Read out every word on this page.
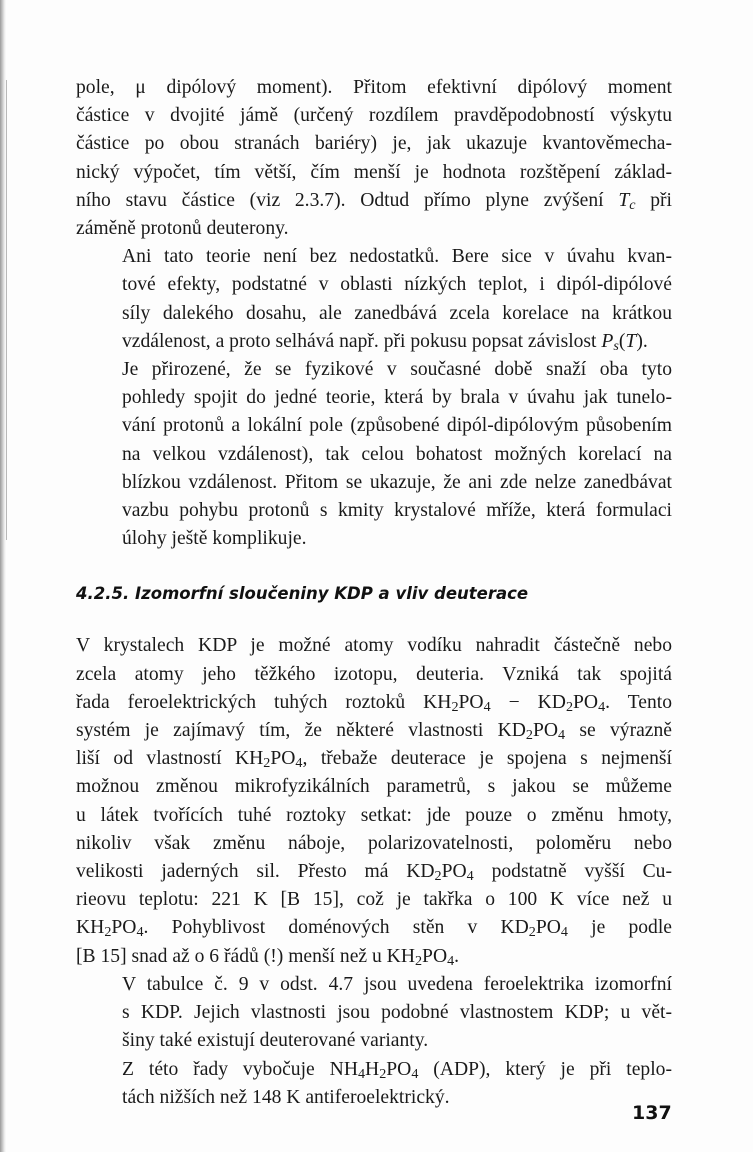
pole, μ dipólový moment). Přitom efektivní dipólový moment
částice v dvojité jámě (určený rozdílem pravděpodobností výskytu
částice po obou stranách bariéry) je, jak ukazuje kvantověmecha-
nický výpočet, tím větší, čím menší je hodnota rozštěpení základ-
ního stavu částice (viz 2.3.7). Odtud přímo plyne zvýšení $T_c$ při
záměně protonů deuterony.

Ani tato teorie není bez nedostatků. Bere sice v úvahu kvan-
tové efekty, podstatné v oblasti nízkých teplot, i dipól-dipólové
síly dalekého dosahu, ale zanedbává zcela korelace na krátkou
vzdálenost, a proto selhává např. při pokusu popsat závislost $P_s(T)$.

Je přirozené, že se fyzikové v současné době snaží oba tyto
pohledy spojit do jedné teorie, která by brala v úvahu jak tunelo-
vání protonů a lokální pole (způsobené dipól-dipólovým působením
na velkou vzdálenost), tak celou bohatost možných korelací na
blízkou vzdálenost. Přitom se ukazuje, že ani zde nelze zanedbávat
vazbu pohybu protonů s kmity krystalové mříže, která formulaci
úlohy ještě komplikuje.

4.2.5. Izomorfní sloučeniny KDP a vliv deuterace

V krystalech KDP je možné atomy vodíku nahradit částečně nebo
zcela atomy jeho těžkého izotopu, deuteria. Vzniká tak spojitá
řada feroelektrických tuhých roztoků $KH_2PO_4 - KD_2PO_4$. Tento
systém je zajímavý tím, že některé vlastnosti $KD_2PO_4$ se výrazně
liší od vlastností $KH_2PO_4$, třebaže deuterace je spojena s nejmenší
možnou změnou mikrofyzikálních parametrů, s jakou se můžeme
u látek tvořících tuhé roztoky setkat: jde pouze o změnu hmoty,
nikoliv však změnu náboje, polarizovatelnosti, poloměru nebo
velikosti jaderných sil. Přesto má $KD_2PO_4$ podstatně vyšší Cu-
rieovu teplotu: 221 K [B 15], což je takřka o 100 K více než u
$KH_2PO_4$. Pohyblivost doménových stěn v $KD_2PO_4$ je podle
[B 15] snad až o 6 řádů (!) menší než u $KH_2PO_4$.

V tabulce č. 9 v odst. 4.7 jsou uvedena feroelektrika izomorfní
s KDP. Jejich vlastnosti jsou podobné vlastnostem KDP; u vět-
šiny také existují deuterované varianty.

Z této řady vybočuje $NH_4H_2PO_4$ (ADP), který je při teplo-
tách nižších než 148 K antiferoelektrický.

137
